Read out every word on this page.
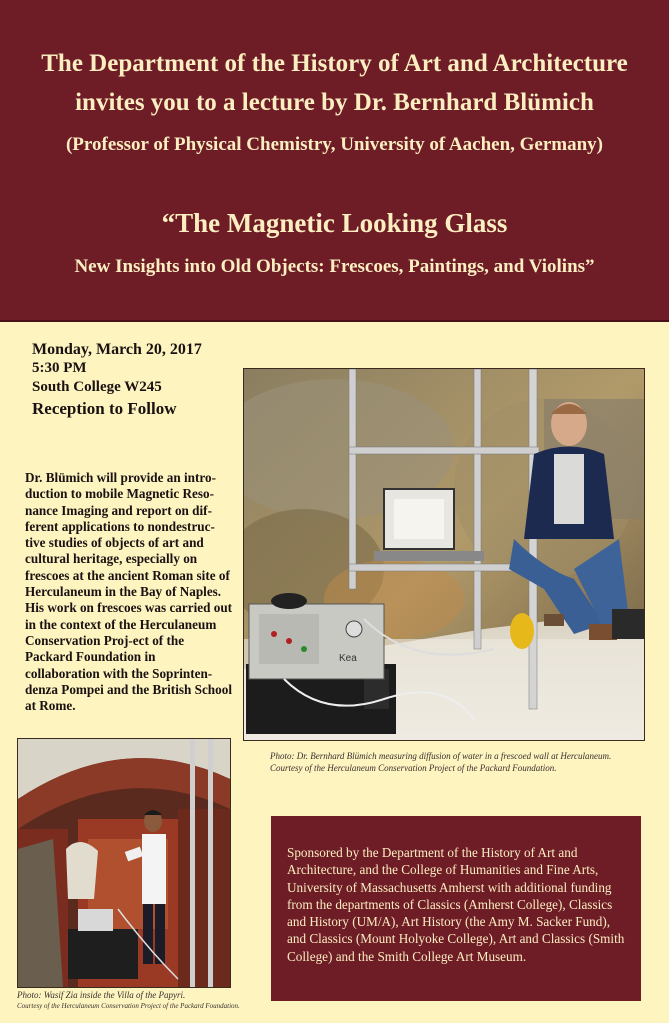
The Department of the History of Art and Architecture
invites you to a lecture by Dr. Bernhard Blümich
(Professor of Physical Chemistry, University of Aachen, Germany)
“The Magnetic Looking Glass
New Insights into Old Objects: Frescoes, Paintings, and Violins”
Monday, March 20, 2017
5:30 PM
South College W245
Reception to Follow
Dr. Blümich will provide an intro-duction to mobile Magnetic Reso-nance Imaging and report on dif-ferent applications to nondestruc-tive studies of objects of art and cultural heritage, especially on frescoes at the ancient Roman site of Herculaneum in the Bay of Naples. His work on frescoes was carried out in the context of the Herculaneum Conservation Proj-ect of the Packard Foundation in collaboration with the Soprinten-denza Pompei and the British School at Rome.
Kea
Photo: Dr. Bernhard Blümich measuring diffusion of water in a frescoed wall at Herculaneum.
Courtesy of the Herculaneum Conservation Project of the Packard Foundation.
Photo: Wasif Zia inside the Villa of the Papyri.
Courtesy of the Herculaneum Conservation Project of the Packard Foundation.
Sponsored by the Department of the History of Art and Architecture, and the College of Humanities and Fine Arts, University of Massachusetts Amherst with additional funding from the departments of Classics (Amherst College), Classics and History (UM/A), Art History (the Amy M. Sacker Fund), and Classics (Mount Holyoke College), Art and Classics (Smith College) and the Smith College Art Museum.
